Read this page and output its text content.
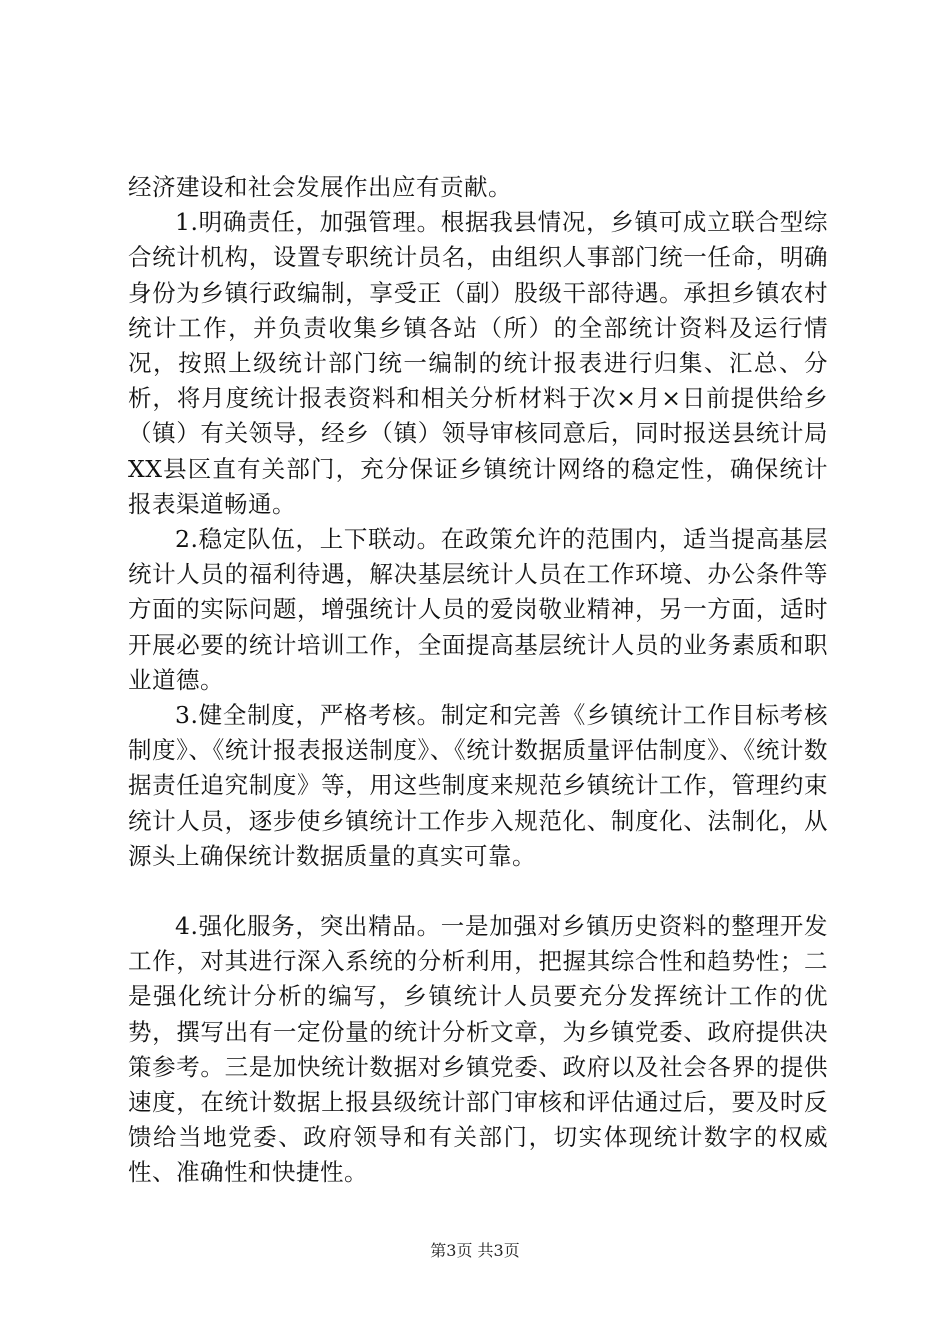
经济建设和社会发展作出应有贡献。

1.明确责任，加强管理。根据我县情况，乡镇可成立联合型综合统计机构，设置专职统计员名，由组织人事部门统一任命，明确身份为乡镇行政编制，享受正（副）股级干部待遇。承担乡镇农村统计工作，并负责收集乡镇各站（所）的全部统计资料及运行情况，按照上级统计部门统一编制的统计报表进行归集、汇总、分析，将月度统计报表资料和相关分析材料于次×月×日前提供给乡（镇）有关领导，经乡（镇）领导审核同意后，同时报送县统计局XX县区直有关部门，充分保证乡镇统计网络的稳定性，确保统计报表渠道畅通。

2.稳定队伍，上下联动。在政策允许的范围内，适当提高基层统计人员的福利待遇，解决基层统计人员在工作环境、办公条件等方面的实际问题，增强统计人员的爱岗敬业精神，另一方面，适时开展必要的统计培训工作，全面提高基层统计人员的业务素质和职业道德。

3.健全制度，严格考核。制定和完善《乡镇统计工作目标考核制度》、《统计报表报送制度》、《统计数据质量评估制度》、《统计数据责任追究制度》等，用这些制度来规范乡镇统计工作，管理约束统计人员，逐步使乡镇统计工作步入规范化、制度化、法制化，从源头上确保统计数据质量的真实可靠。

4.强化服务，突出精品。一是加强对乡镇历史资料的整理开发工作，对其进行深入系统的分析利用，把握其综合性和趋势性；二是强化统计分析的编写，乡镇统计人员要充分发挥统计工作的优势，撰写出有一定份量的统计分析文章，为乡镇党委、政府提供决策参考。三是加快统计数据对乡镇党委、政府以及社会各界的提供速度，在统计数据上报县级统计部门审核和评估通过后，要及时反馈给当地党委、政府领导和有关部门，切实体现统计数字的权威性、准确性和快捷性。

第3页 共3页
